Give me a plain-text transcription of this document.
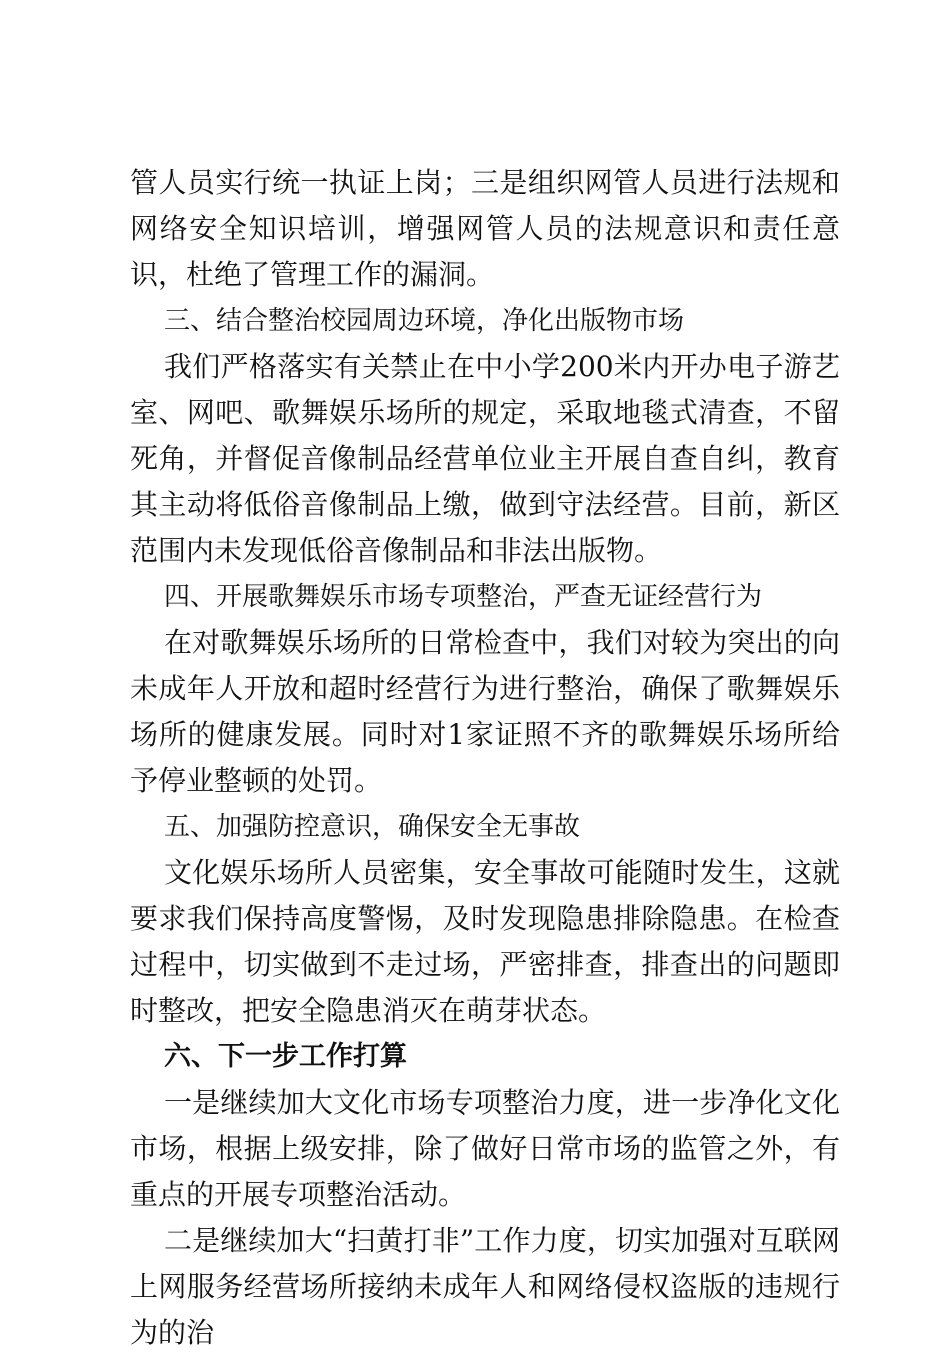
管人员实行统一执证上岗；三是组织网管人员进行法规和网络安全知识培训，增强网管人员的法规意识和责任意识，杜绝了管理工作的漏洞。

三、结合整治校园周边环境，净化出版物市场

我们严格落实有关禁止在中小学200米内开办电子游艺室、网吧、歌舞娱乐场所的规定，采取地毯式清查，不留死角，并督促音像制品经营单位业主开展自查自纠，教育其主动将低俗音像制品上缴，做到守法经营。目前，新区范围内未发现低俗音像制品和非法出版物。

四、开展歌舞娱乐市场专项整治，严查无证经营行为

在对歌舞娱乐场所的日常检查中，我们对较为突出的向未成年人开放和超时经营行为进行整治，确保了歌舞娱乐场所的健康发展。同时对1家证照不齐的歌舞娱乐场所给予停业整顿的处罚。

五、加强防控意识，确保安全无事故

文化娱乐场所人员密集，安全事故可能随时发生，这就要求我们保持高度警惕，及时发现隐患排除隐患。在检查过程中，切实做到不走过场，严密排查，排查出的问题即时整改，把安全隐患消灭在萌芽状态。

六、下一步工作打算

一是继续加大文化市场专项整治力度，进一步净化文化市场，根据上级安排，除了做好日常市场的监管之外，有重点的开展专项整治活动。

二是继续加大“扫黄打非”工作力度，切实加强对互联网上网服务经营场所接纳未成年人和网络侵权盗版的违规行为的治
